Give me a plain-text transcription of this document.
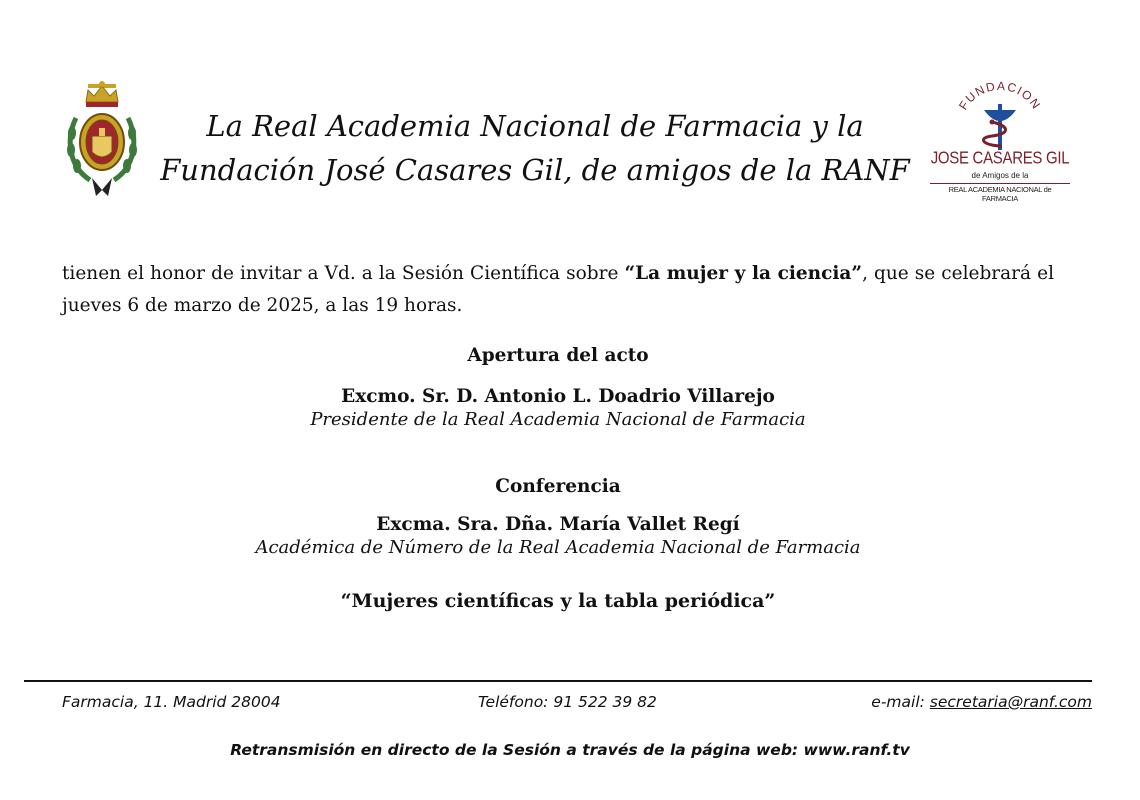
FUNDACION
JOSE CASARES GIL
de Amigos de la
REAL ACADEMIA NACIONAL de FARMACIA
La Real Academia Nacional de Farmacia y la
Fundación José Casares Gil, de amigos de la RANF
tienen el honor de invitar a Vd. a la Sesión Científica sobre “La mujer y la ciencia”, que se celebrará el jueves 6 de marzo de 2025, a las 19 horas.
Apertura del acto
Excmo. Sr. D. Antonio L. Doadrio Villarejo
Presidente de la Real Academia Nacional de Farmacia
Conferencia
Excma. Sra. Dña. María Vallet Regí
Académica de Número de la Real Academia Nacional de Farmacia
“Mujeres científicas y la tabla periódica”
Farmacia, 11. Madrid 28004	Teléfono: 91 522 39 82	e-mail: secretaria@ranf.com
Retransmisión en directo de la Sesión a través de la página web: www.ranf.tv
